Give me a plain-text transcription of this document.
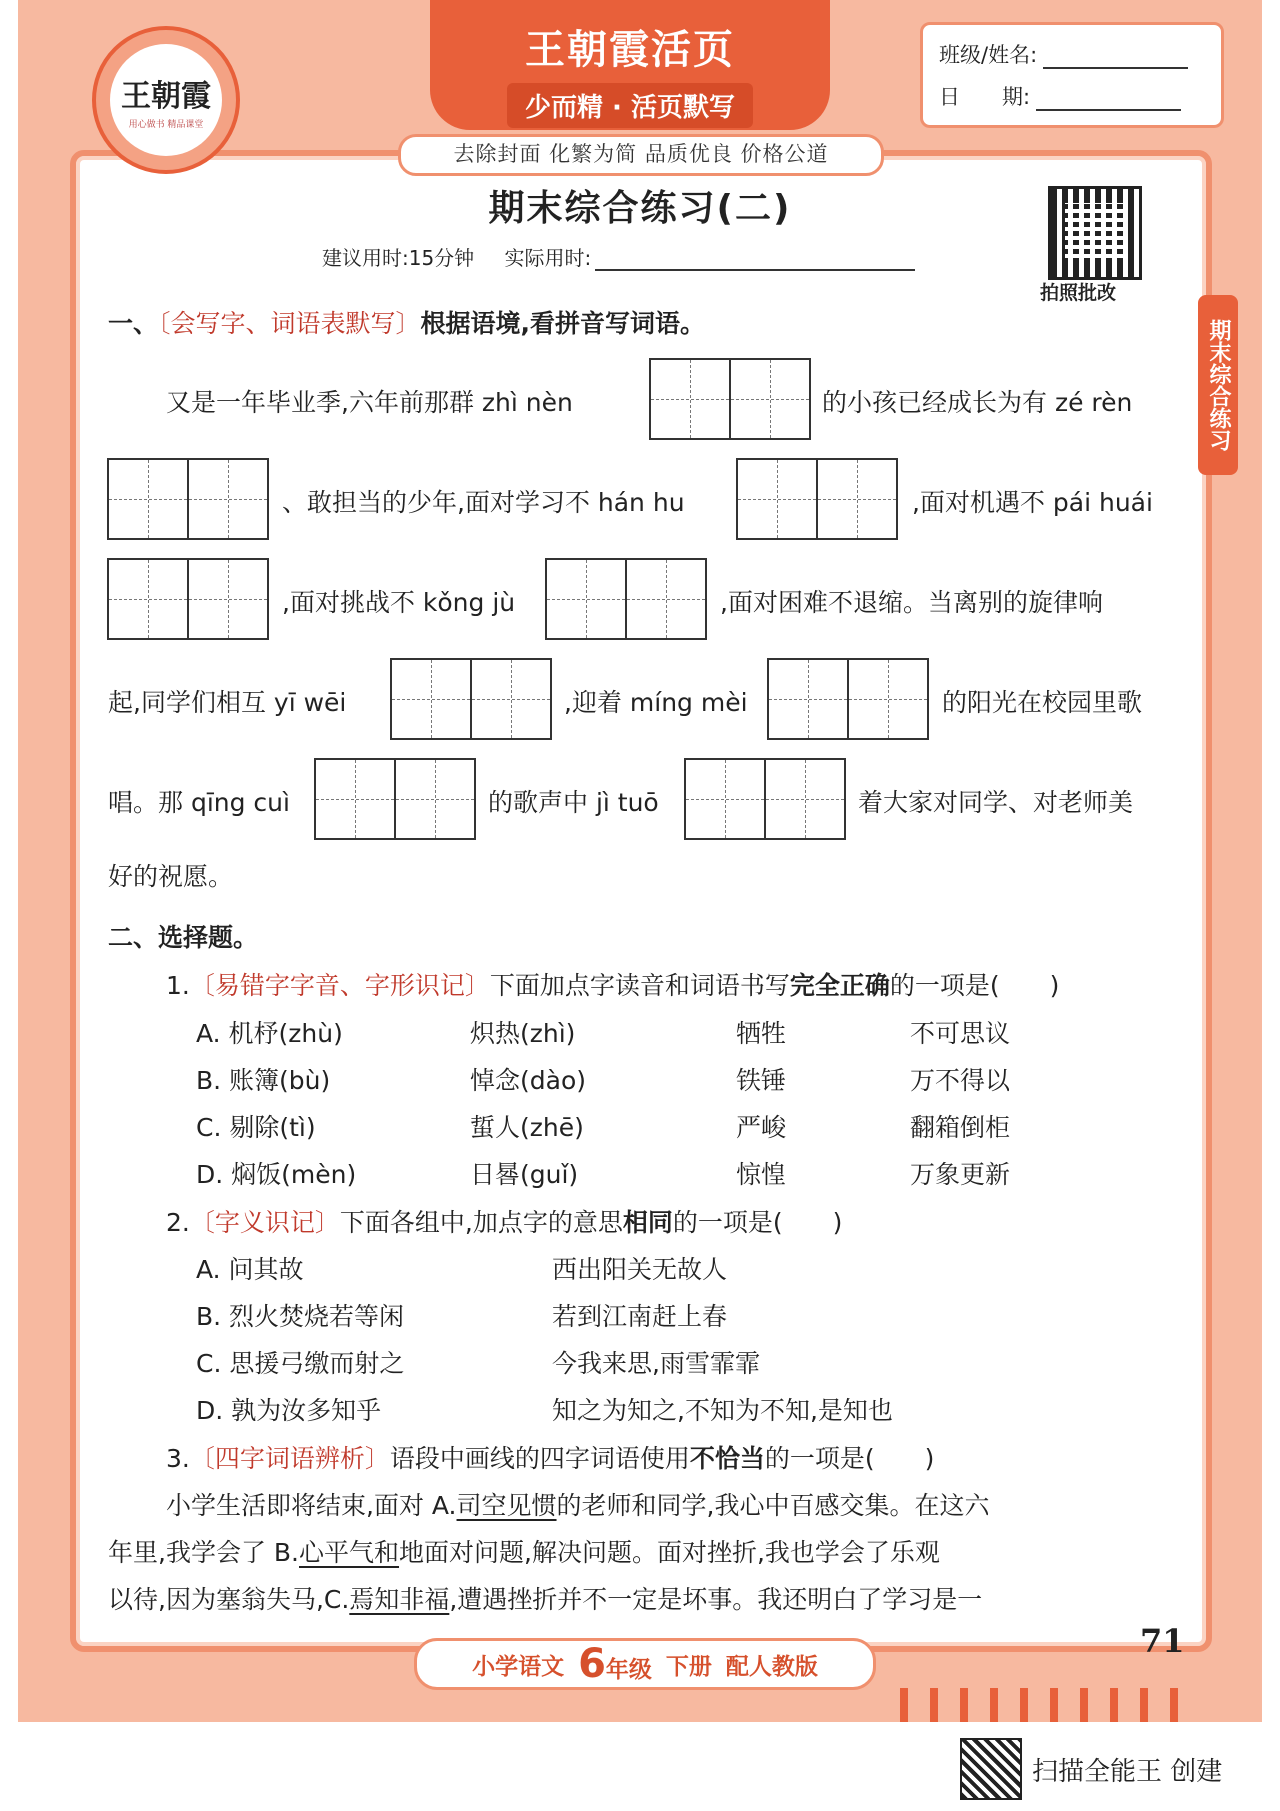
王朝霞
用心做书 精品课堂
王朝霞活页
少而精 · 活页默写
去除封面 化繁为简 品质优良 价格公道
班级/姓名:
日　　期:
拍照批改
期末综合练习
期末综合练习(二)
建议用时:15分钟 实际用时:
一、〔会写字、词语表默写〕根据语境,看拼音写词语。
又是一年毕业季,六年前那群 zhì nèn	的小孩已经成长为有 zé rèn
、敢担当的少年,面对学习不 hán hu	,面对机遇不 pái huái
,面对挑战不 kǒng jù	,面对困难不退缩。当离别的旋律响
起,同学们相互 yī wēi	,迎着 míng mèi	的阳光在校园里歌
唱。那 qīng cuì	的歌声中 jì tuō	着大家对同学、对老师美
好的祝愿。
二、选择题。
1.〔易错字字音、字形识记〕下面加点字读音和词语书写完全正确的一项是(　　)
A. 机杼(zhù)	炽热(zhì)	牺牲	不可思议
B. 账簿(bù)	悼念(dào)	铁锤	万不得以
C. 剔除(tì)	蜇人(zhē)	严峻	翻箱倒柜
D. 焖饭(mèn)	日晷(guǐ)	惊惶	万象更新
2.〔字义识记〕下面各组中,加点字的意思相同的一项是(　　)
A. 问其故	西出阳关无故人
B. 烈火焚烧若等闲	若到江南赶上春
C. 思援弓缴而射之	今我来思,雨雪霏霏
D. 孰为汝多知乎	知之为知之,不知为不知,是知也
3.〔四字词语辨析〕语段中画线的四字词语使用不恰当的一项是(　　)
小学生活即将结束,面对 A.司空见惯的老师和同学,我心中百感交集。在这六
年里,我学会了 B.心平气和地面对问题,解决问题。面对挫折,我也学会了乐观
以待,因为塞翁失马,C.焉知非福,遭遇挫折并不一定是坏事。我还明白了学习是一
71
小学语文 6年级 下册 配人教版
扫描全能王 创建
